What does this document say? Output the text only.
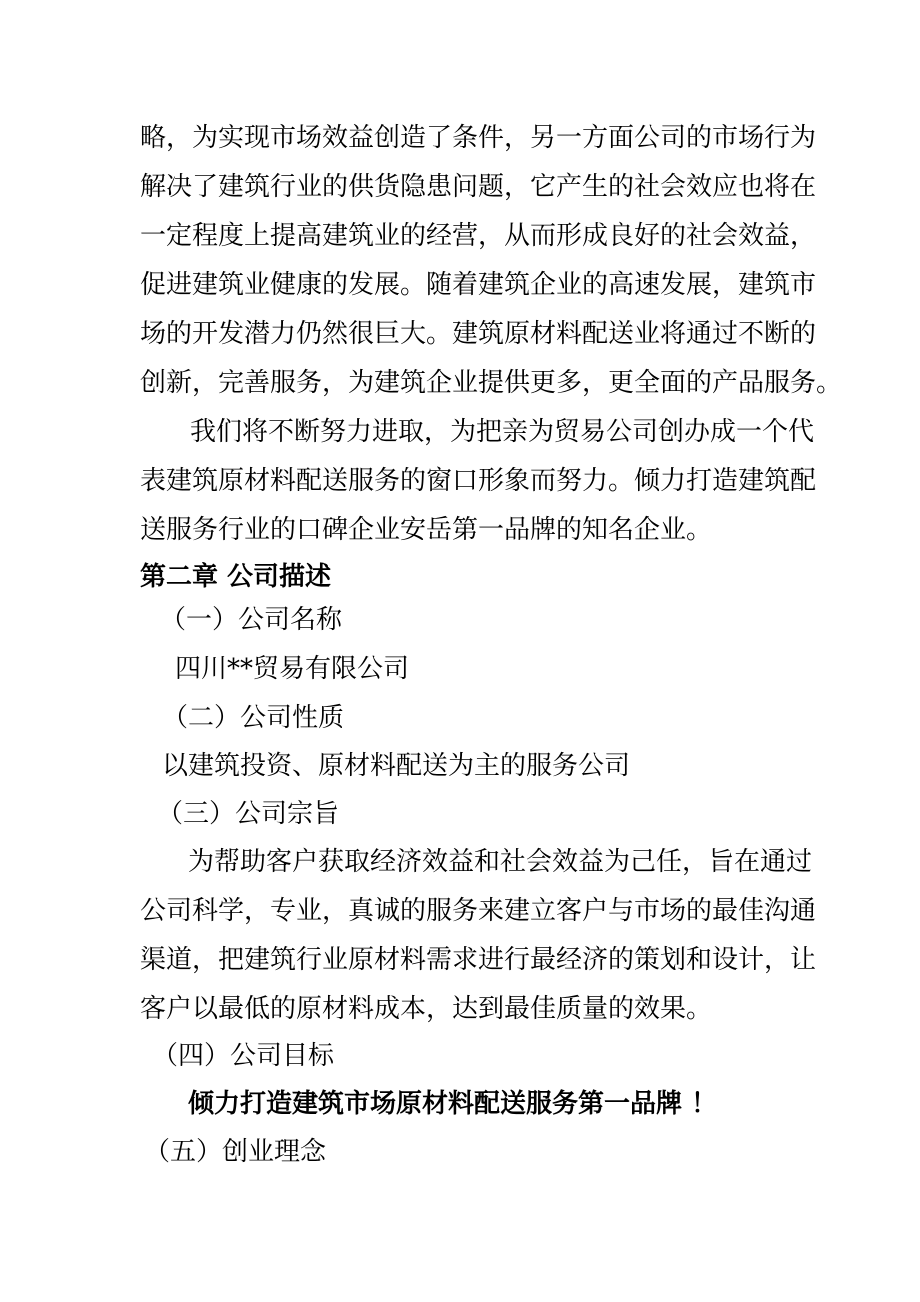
略，为实现市场效益创造了条件，另一方面公司的市场行为

解决了建筑行业的供货隐患问题，它产生的社会效应也将在

一定程度上提高建筑业的经营，从而形成良好的社会效益，

促进建筑业健康的发展。随着建筑企业的高速发展，建筑市

场的开发潜力仍然很巨大。建筑原材料配送业将通过不断的

创新，完善服务，为建筑企业提供更多，更全面的产品服务。

我们将不断努力进取，为把亲为贸易公司创办成一个代

表建筑原材料配送服务的窗口形象而努力。倾力打造建筑配

送服务行业的口碑企业安岳第一品牌的知名企业。

第二章 公司描述

（一）公司名称

四川**贸易有限公司

（二）公司性质

以建筑投资、原材料配送为主的服务公司

（三）公司宗旨

为帮助客户获取经济效益和社会效益为己任，旨在通过

公司科学，专业，真诚的服务来建立客户与市场的最佳沟通

渠道，把建筑行业原材料需求进行最经济的策划和设计，让

客户以最低的原材料成本，达到最佳质量的效果。

（四）公司目标

倾力打造建筑市场原材料配送服务第一品牌 ！

（五）创业理念
